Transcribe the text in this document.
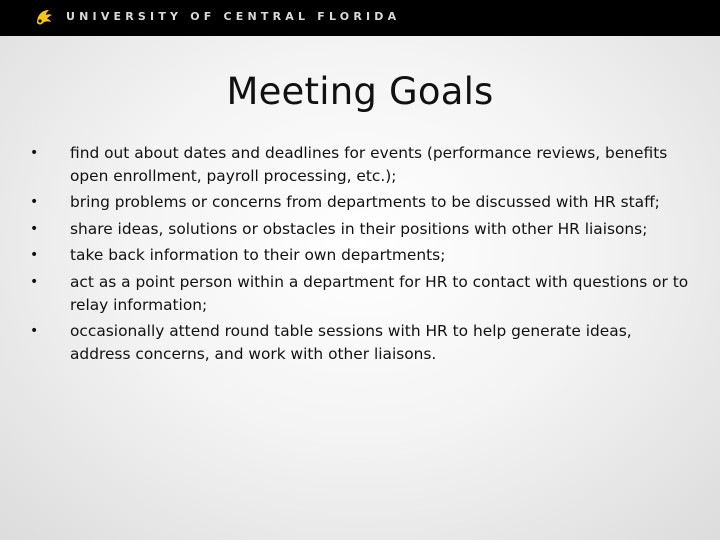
UNIVERSITY OF CENTRAL FLORIDA
Meeting Goals
• find out about dates and deadlines for events (performance reviews, benefits open enrollment, payroll processing, etc.);
• bring problems or concerns from departments to be discussed with HR staff;
• share ideas, solutions or obstacles in their positions with other HR liaisons;
• take back information to their own departments;
• act as a point person within a department for HR to contact with questions or to relay information;
• occasionally attend round table sessions with HR to help generate ideas, address concerns, and work with other liaisons.
